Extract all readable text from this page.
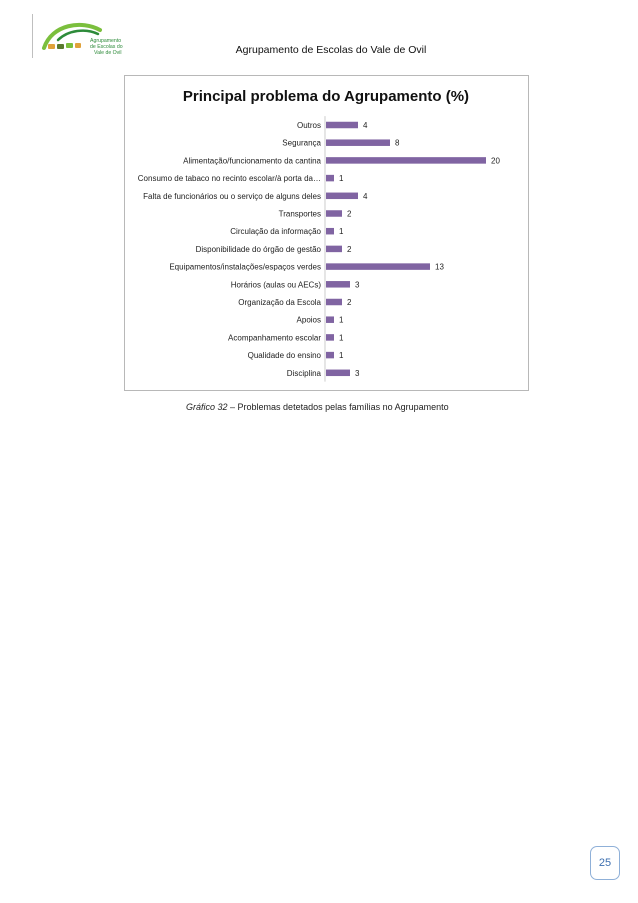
Agrupamento
de Escolas do
Vale de Ovil	Agrupamento de Escolas do Vale de Ovil
Principal problema do Agrupamento (%)
Outros	4
Segurança	8
Alimentação/funcionamento da cantina	20
Consumo de tabaco no recinto escolar/à porta da… 1
Falta de funcionários ou o serviço de alguns deles	4
Transportes	2
Circulação da informação 1
Disponibilidade do órgão de gestão	2
Equipamentos/instalações/espaços verdes	13
Horários (aulas ou AECs)	3
Organização da Escola	2
Apoios 1
Acompanhamento escolar 1
Qualidade do ensino 1
Disciplina	3
Gráfico 32 – Problemas detetados pelas famílias no Agrupamento
25
